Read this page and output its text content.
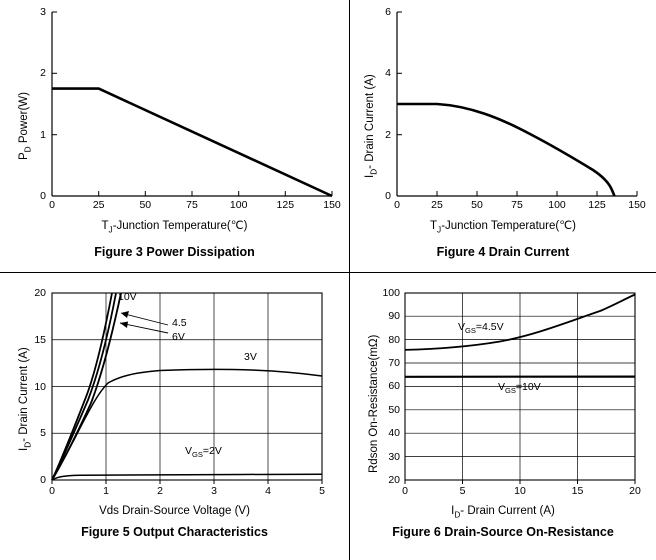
0	25	50	75	100	125	150
0
1
2
3
$P_D$ Power(W)
$T_J$-Junction Temperature(℃)
Figure 3 Power Dissipation
0	25	50	75	100 125 150
0
2
4
6
$I_D-$ Drain Current (A)
$T_J$-Junction Temperature(℃)
Figure 4 Drain Current
0	1	2	3	4	5
0
5
10
15
20
$I_D-$ Drain Current (A)
10V
4.5
6V
3V
$V_{GS}=2V$
Vds Drain-Source Voltage (V)
Figure 5 Output Characteristics
0	5	10	15	20
20
30
40
50
60
70
80
90
100
Rdson On-Resistance(mΩ)
$V_{GS}=4.5V$
$V_{GS}=10V$
$I_D-$ Drain Current (A)
Figure 6 Drain-Source On-Resistance
